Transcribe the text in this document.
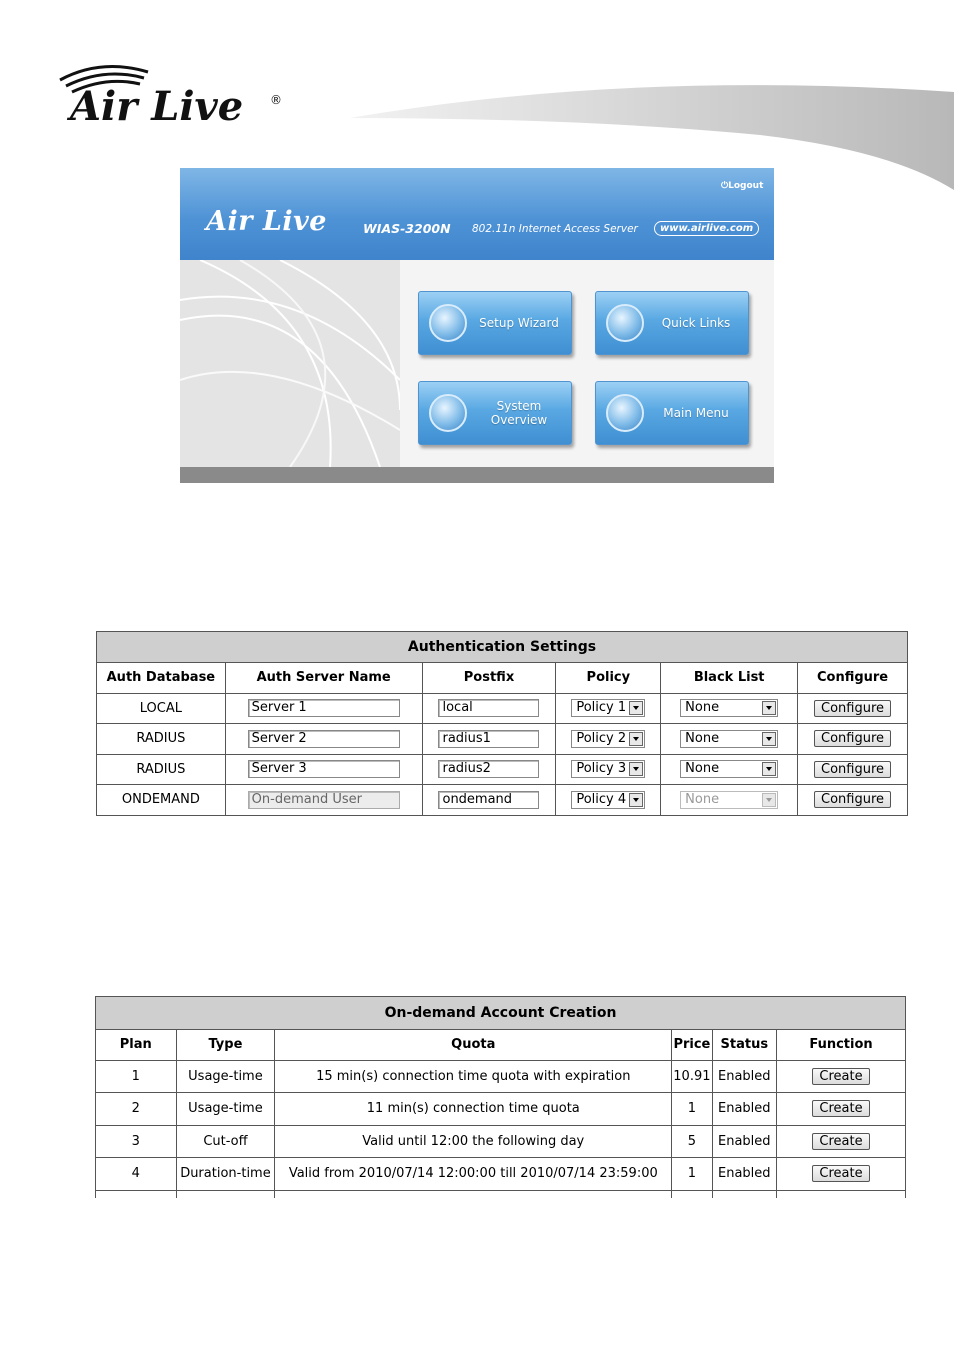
Air Live ®
⏻Logout
Air Live	WIAS-3200N 802.11n Internet Access Server	www.airlive.com
Setup Wizard	Quick Links
System
Overview	Main Menu
Authentication Settings					
Auth Database	Auth Server Name	Postfix	Policy	Black List	Configure
LOCAL	Server 1	local	Policy 1	None	Configure
RADIUS	Server 2	radius1	Policy 2	None	Configure
RADIUS	Server 3	radius2	Policy 3	None	Configure
ONDEMAND	On-demand User	ondemand	Policy 4	None	Configure
On-demand Account Creation					
Plan	Type	Quota	Price	Status	Function
1	Usage-time	15 min(s) connection time quota with expiration	10.91	Enabled	Create
2	Usage-time	11 min(s) connection time quota	1	Enabled	Create
3	Cut-off	Valid until 12:00 the following day	5	Enabled	Create
4	Duration-time	Valid from 2010/07/14 12:00:00 till 2010/07/14 23:59:00	1	Enabled	Create
